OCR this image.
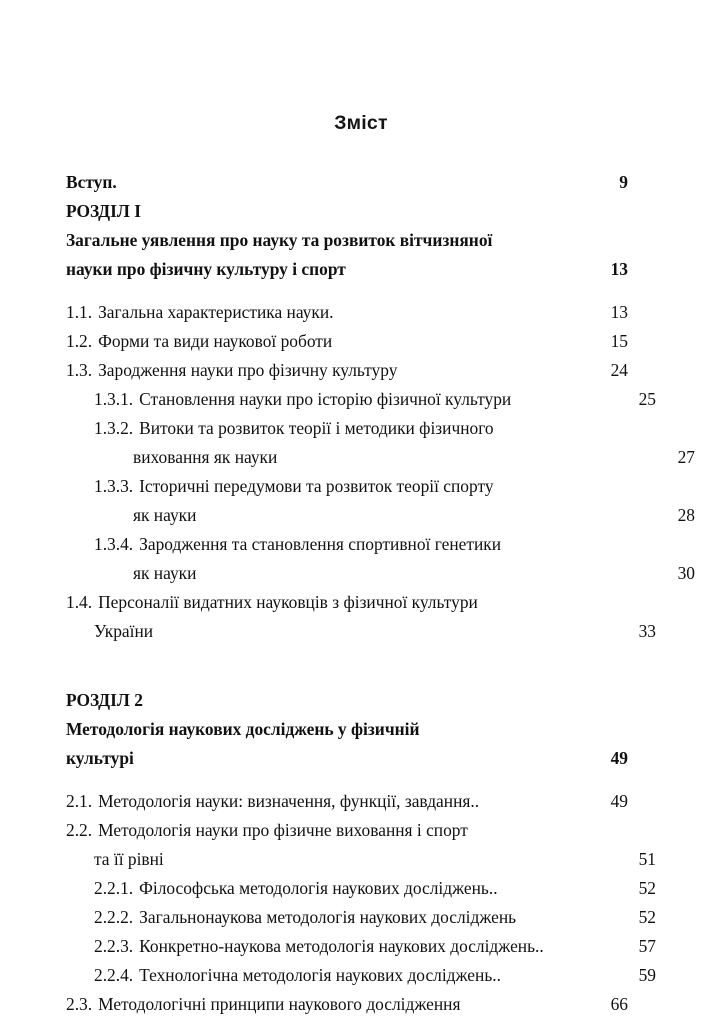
Зміст
Вступ. .....	9
РОЗДІЛ І
Загальне уявлення про науку та розвиток вітчизняної
науки про фізичну культуру і спорт .....	13
1.1. Загальна характеристика науки. .....	13
1.2. Форми та види наукової роботи .....	15
1.3. Зародження науки про фізичну культуру .....	24
1.3.1. Становлення науки про історію фізичної культури .....	25
1.3.2. Витоки та розвиток теорії і методики фізичного
виховання як науки .....	27
1.3.3. Історичні передумови та розвиток теорії спорту
як науки .....	28
1.3.4. Зародження та становлення спортивної генетики
як науки .....	30
1.4. Персоналії видатних науковців з фізичної культури
України .....	33
РОЗДІЛ 2
Методологія наукових досліджень у фізичній
культурі .....	49
2.1. Методологія науки: визначення, функції, завдання.. .....	49
2.2. Методологія науки про фізичне виховання і спорт
та її рівні .....	51
2.2.1. Філософська методологія наукових досліджень.. .....	52
2.2.2. Загальнонаукова методологія наукових досліджень .....	52
2.2.3. Конкретно-наукова методологія наукових досліджень.. .....	57
2.2.4. Технологічна методологія наукових досліджень.. .....	59
2.3. Методологічні принципи наукового дослідження .....	66
